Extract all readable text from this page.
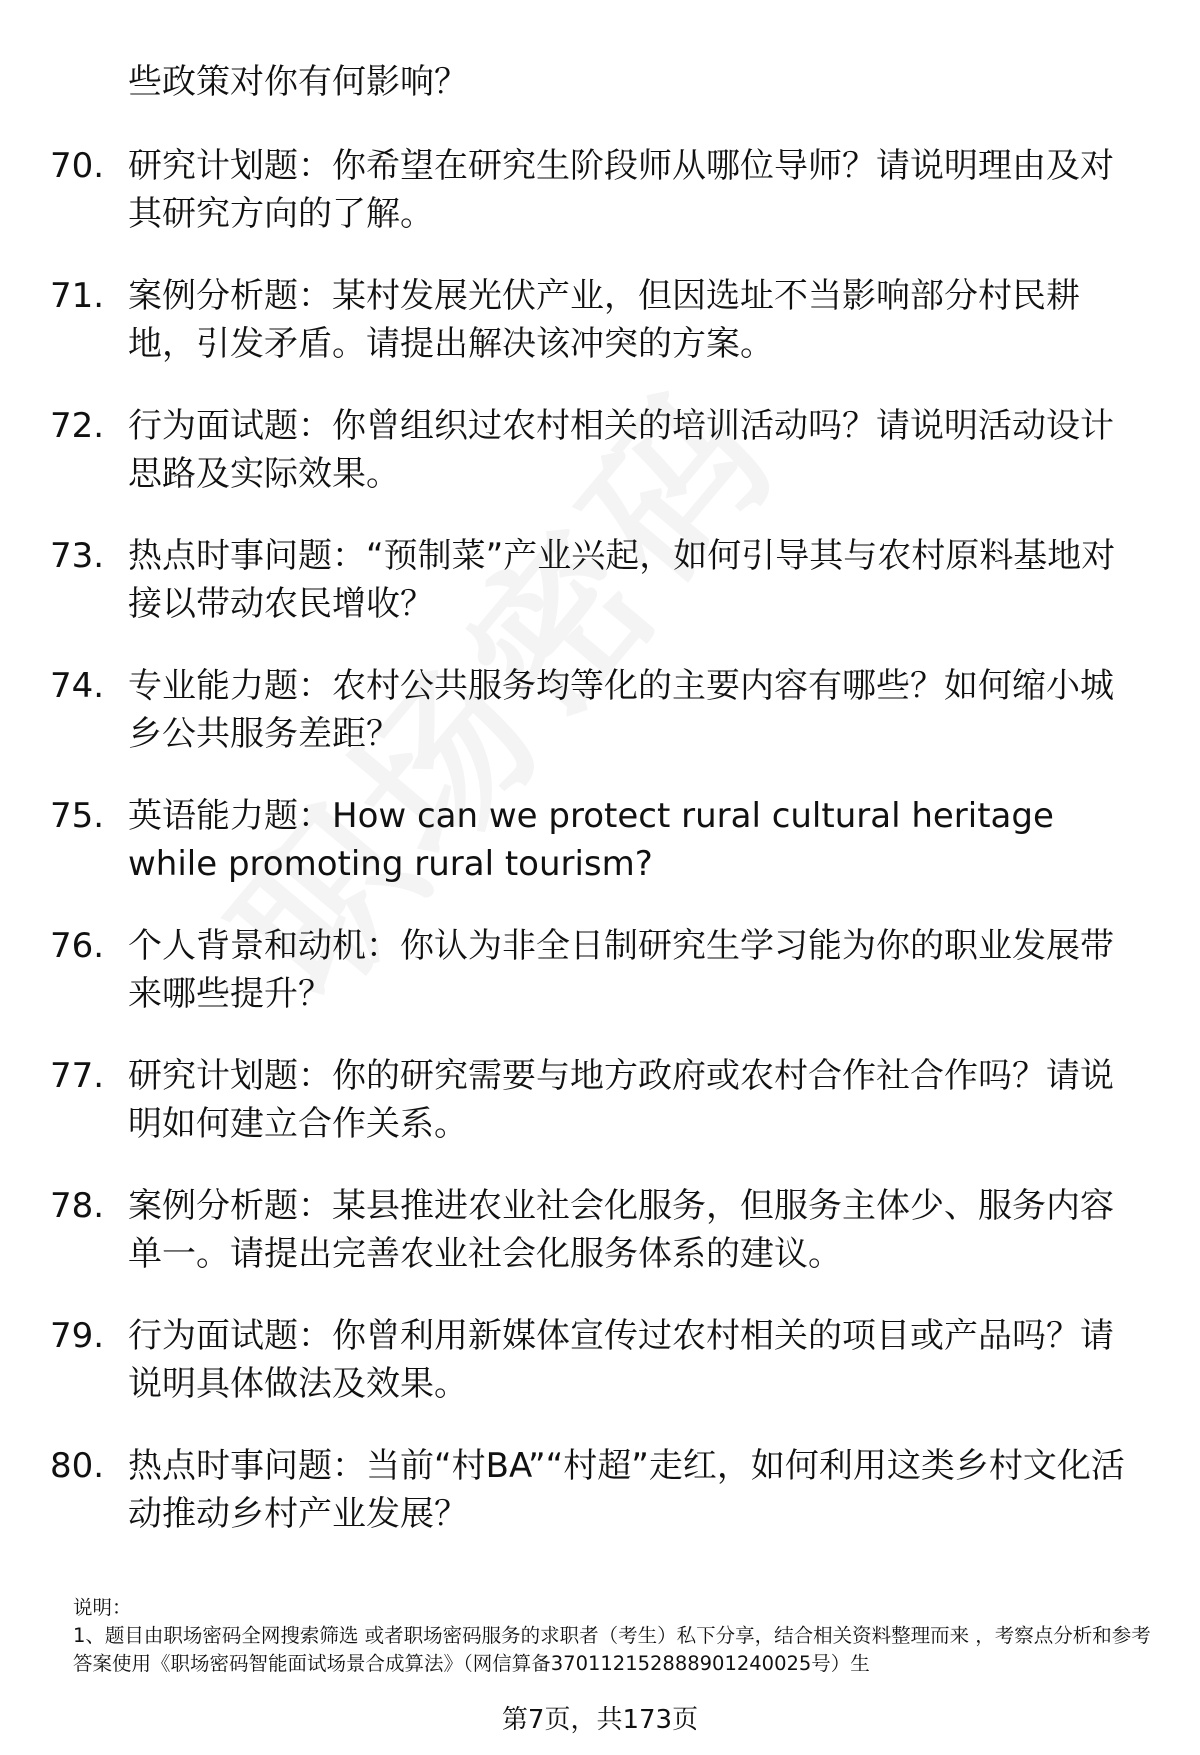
些政策对你有何影响？
70. 研究计划题：你希望在研究生阶段师从哪位导师？请说明理由及对其研究方向的了解。
71. 案例分析题：某村发展光伏产业，但因选址不当影响部分村民耕地，引发矛盾。请提出解决该冲突的方案。
72. 行为面试题：你曾组织过农村相关的培训活动吗？请说明活动设计思路及实际效果。
73. 热点时事问题：“预制菜”产业兴起，如何引导其与农村原料基地对接以带动农民增收？
74. 专业能力题：农村公共服务均等化的主要内容有哪些？如何缩小城乡公共服务差距？
75. 英语能力题：How can we protect rural cultural heritage while promoting rural tourism?
76. 个人背景和动机：你认为非全日制研究生学习能为你的职业发展带来哪些提升？
77. 研究计划题：你的研究需要与地方政府或农村合作社合作吗？请说明如何建立合作关系。
78. 案例分析题：某县推进农业社会化服务，但服务主体少、服务内容单一。请提出完善农业社会化服务体系的建议。
79. 行为面试题：你曾利用新媒体宣传过农村相关的项目或产品吗？请说明具体做法及效果。
80. 热点时事问题：当前“村BA”“村超”走红，如何利用这类乡村文化活动推动乡村产业发展？
说明：
1、题目由职场密码全网搜索筛选 或者职场密码服务的求职者（考生）私下分享，结合相关资料整理而来 ，考察点分析和参考答案使用《职场密码智能面试场景合成算法》（网信算备370112152888901240025号）生
第7页，共173页
